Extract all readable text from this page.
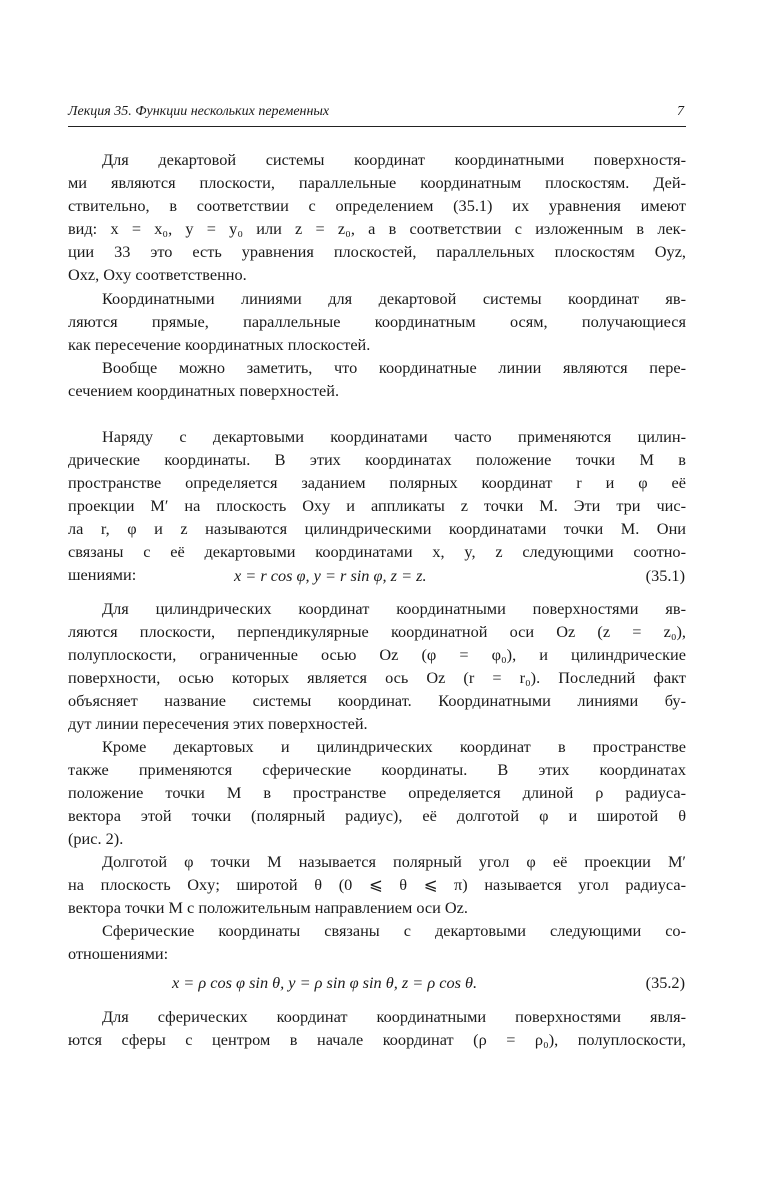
Лекция 35. Функции нескольких переменных	7
Для декартовой системы координат координатными поверхностя-
ми являются плоскости, параллельные координатным плоскостям. Дей-
ствительно, в соответствии с определением (35.1) их уравнения имеют
вид: x = x₀, y = y₀ или z = z₀, а в соответствии с изложенным в лек-
ции 33 это есть уравнения плоскостей, параллельных плоскостям Oyz,
Oxz, Oxy соответственно.
Координатными линиями для декартовой системы координат яв-
ляются прямые, параллельные координатным осям, получающиеся
как пересечение координатных плоскостей.
Вообще можно заметить, что координатные линии являются пере-
сечением координатных поверхностей.
Наряду с декартовыми координатами часто применяются цилин-
дрические координаты. В этих координатах положение точки M в
пространстве определяется заданием полярных координат r и φ её
проекции M′ на плоскость Oxy и аппликаты z точки M. Эти три чис-
ла r, φ и z называются цилиндрическими координатами точки M. Они
связаны с её декартовыми координатами x, y, z следующими соотно-
шениями:	x = r cos φ, y = r sin φ, z = z.	(35.1)
Для цилиндрических координат координатными поверхностями яв-
ляются плоскости, перпендикулярные координатной оси Oz (z = z₀),
полуплоскости, ограниченные осью Oz (φ = φ₀), и цилиндрические
поверхности, осью которых является ось Oz (r = r₀). Последний факт
объясняет название системы координат. Координатными линиями бу-
дут линии пересечения этих поверхностей.
Кроме декартовых и цилиндрических координат в пространстве
также применяются сферические координаты. В этих координатах
положение точки M в пространстве определяется длиной ρ радиуса-
вектора этой точки (полярный радиус), её долготой φ и широтой θ
(рис. 2).
Долготой φ точки M называется полярный угол φ её проекции M′
на плоскость Oxy; широтой θ (0 ⩽ θ ⩽ π) называется угол радиуса-
вектора точки M с положительным направлением оси Oz.
Сферические координаты связаны с декартовыми следующими со-
отношениями:
x = ρ cos φ sin θ, y = ρ sin φ sin θ, z = ρ cos θ.	(35.2)
Для сферических координат координатными поверхностями явля-
ются сферы с центром в начале координат (ρ = ρ₀), полуплоскости,
